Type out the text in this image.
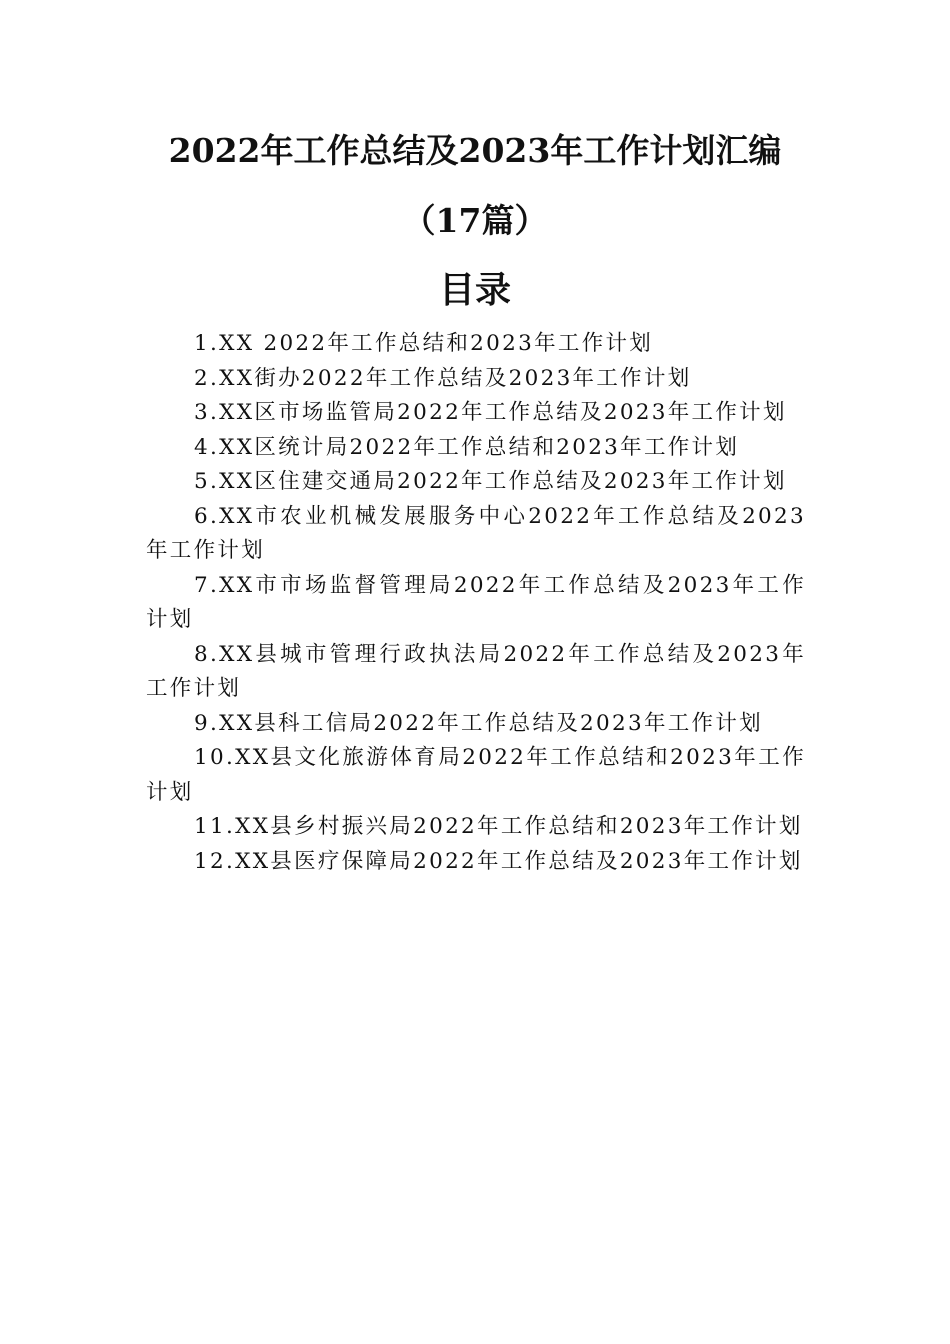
2022年工作总结及2023年工作计划汇编
（17篇）
目录
1.XX 2022年工作总结和2023年工作计划
2.XX街办2022年工作总结及2023年工作计划
3.XX区市场监管局2022年工作总结及2023年工作计划
4.XX区统计局2022年工作总结和2023年工作计划
5.XX区住建交通局2022年工作总结及2023年工作计划
6.XX市农业机械发展服务中心2022年工作总结及2023年工作计划
7.XX市市场监督管理局2022年工作总结及2023年工作计划
8.XX县城市管理行政执法局2022年工作总结及2023年工作计划
9.XX县科工信局2022年工作总结及2023年工作计划
10.XX县文化旅游体育局2022年工作总结和2023年工作计划
11.XX县乡村振兴局2022年工作总结和2023年工作计划
12.XX县医疗保障局2022年工作总结及2023年工作计划
